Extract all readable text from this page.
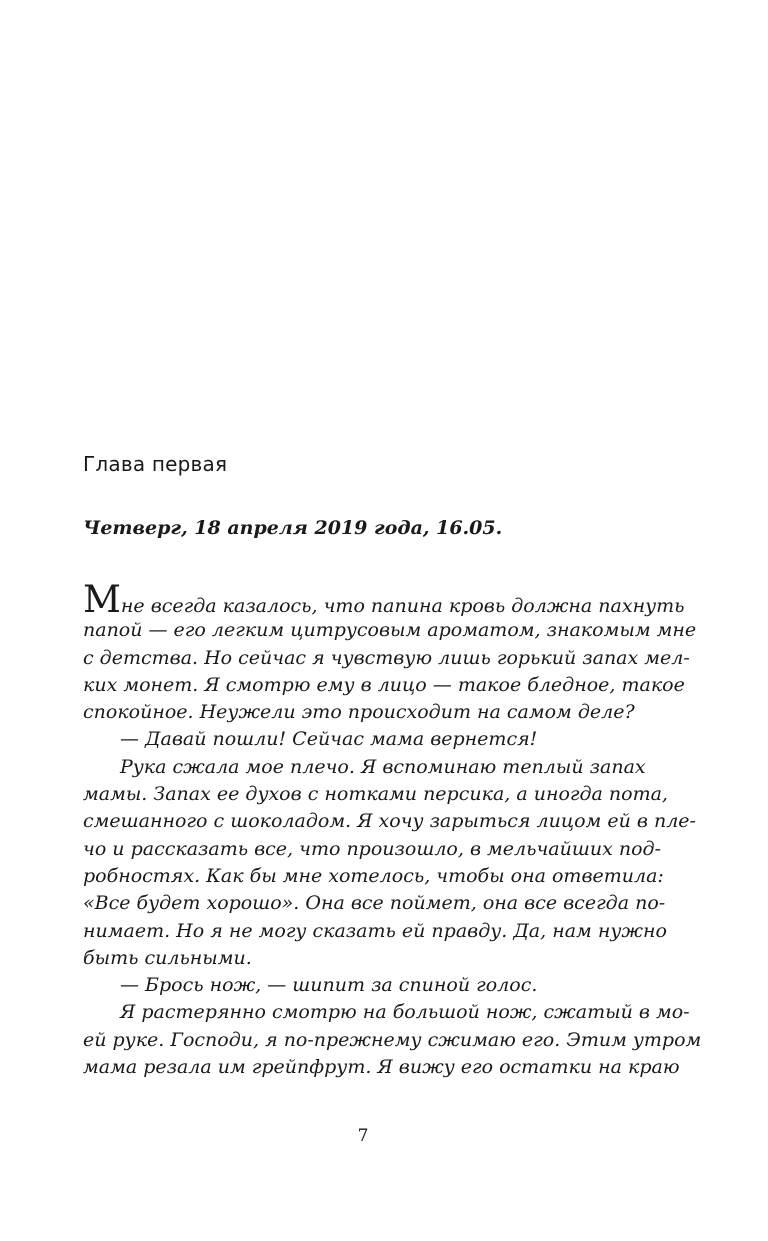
Глава первая
Четверг, 18 апреля 2019 года, 16.05.
Мне всегда казалось, что папина кровь должна пахнуть
папой — его легким цитрусовым ароматом, знакомым мне
с детства. Но сейчас я чувствую лишь горький запах мел-
ких монет. Я смотрю ему в лицо — такое бледное, такое
спокойное. Неужели это происходит на самом деле?
— Давай пошли! Сейчас мама вернется!
Рука сжала мое плечо. Я вспоминаю теплый запах
мамы. Запах ее духов с нотками персика, а иногда пота,
смешанного с шоколадом. Я хочу зарыться лицом ей в пле-
чо и рассказать все, что произошло, в мельчайших под-
робностях. Как бы мне хотелось, чтобы она ответила:
«Все будет хорошо». Она все поймет, она все всегда по-
нимает. Но я не могу сказать ей правду. Да, нам нужно
быть сильными.
— Брось нож, — шипит за спиной голос.
Я растерянно смотрю на большой нож, сжатый в мо-
ей руке. Господи, я по-прежнему сжимаю его. Этим утром
мама резала им грейпфрут. Я вижу его остатки на краю
7
